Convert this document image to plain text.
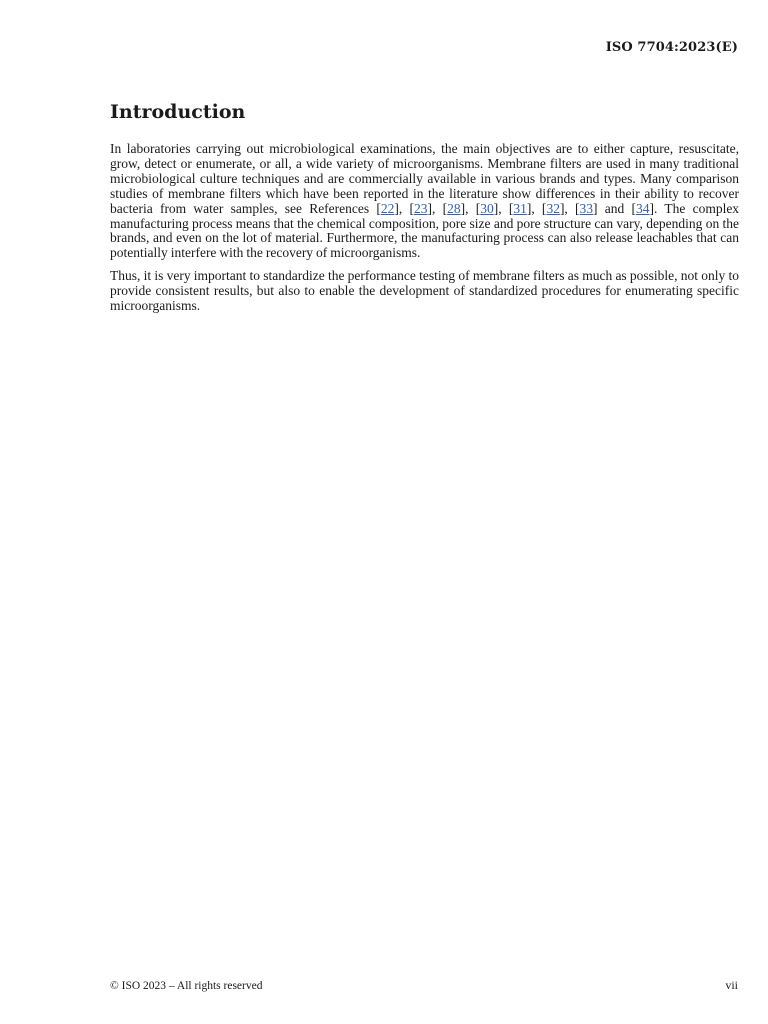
ISO 7704:2023(E)
Introduction

In laboratories carrying out microbiological examinations, the main objectives are to either capture, resuscitate, grow, detect or enumerate, or all, a wide variety of microorganisms. Membrane filters are used in many traditional microbiological culture techniques and are commercially available in various brands and types. Many comparison studies of membrane filters which have been reported in the literature show differences in their ability to recover bacteria from water samples, see References [22], [23], [28], [30], [31], [32], [33] and [34]. The complex manufacturing process means that the chemical composition, pore size and pore structure can vary, depending on the brands, and even on the lot of material. Furthermore, the manufacturing process can also release leachables that can potentially interfere with the recovery of microorganisms.

Thus, it is very important to standardize the performance testing of membrane filters as much as possible, not only to provide consistent results, but also to enable the development of standardized procedures for enumerating specific microorganisms.

© ISO 2023 – All rights reserved	vii
